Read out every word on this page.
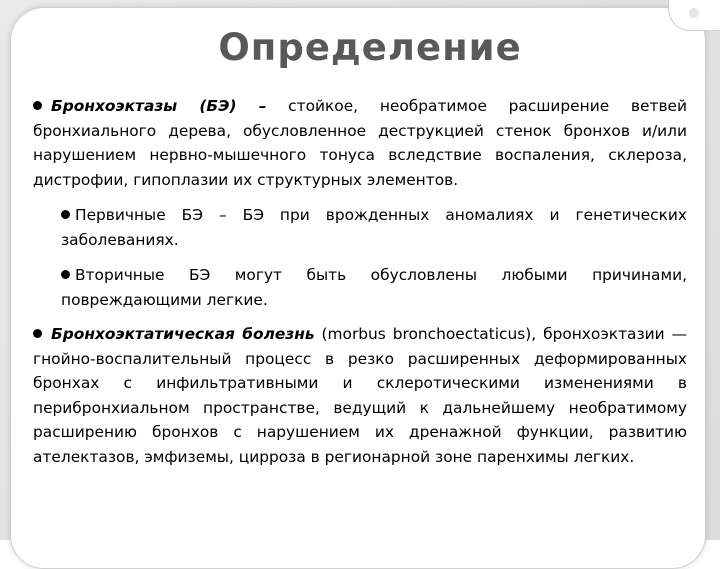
Определение
Бронхоэктазы (БЭ) – стойкое, необратимое расширение ветвей бронхиального дерева, обусловленное деструкцией стенок бронхов и/или нарушением нервно-мышечного тонуса вследствие воспаления, склероза, дистрофии, гипоплазии их структурных элементов.
Первичные БЭ – БЭ при врожденных аномалиях и генетических заболеваниях.
Вторичные БЭ могут быть обусловлены любыми причинами, повреждающими легкие.
Бронхоэктатическая болезнь (morbus bronchoectaticus), бронхоэктазии — гнойно-воспалительный процесс в резко расширенных деформированных бронхах с инфильтративными и склеротическими изменениями в перибронхиальном пространстве, ведущий к дальнейшему необратимому расширению бронхов с нарушением их дренажной функции, развитию ателектазов, эмфиземы, цирроза в регионарной зоне паренхимы легких.
